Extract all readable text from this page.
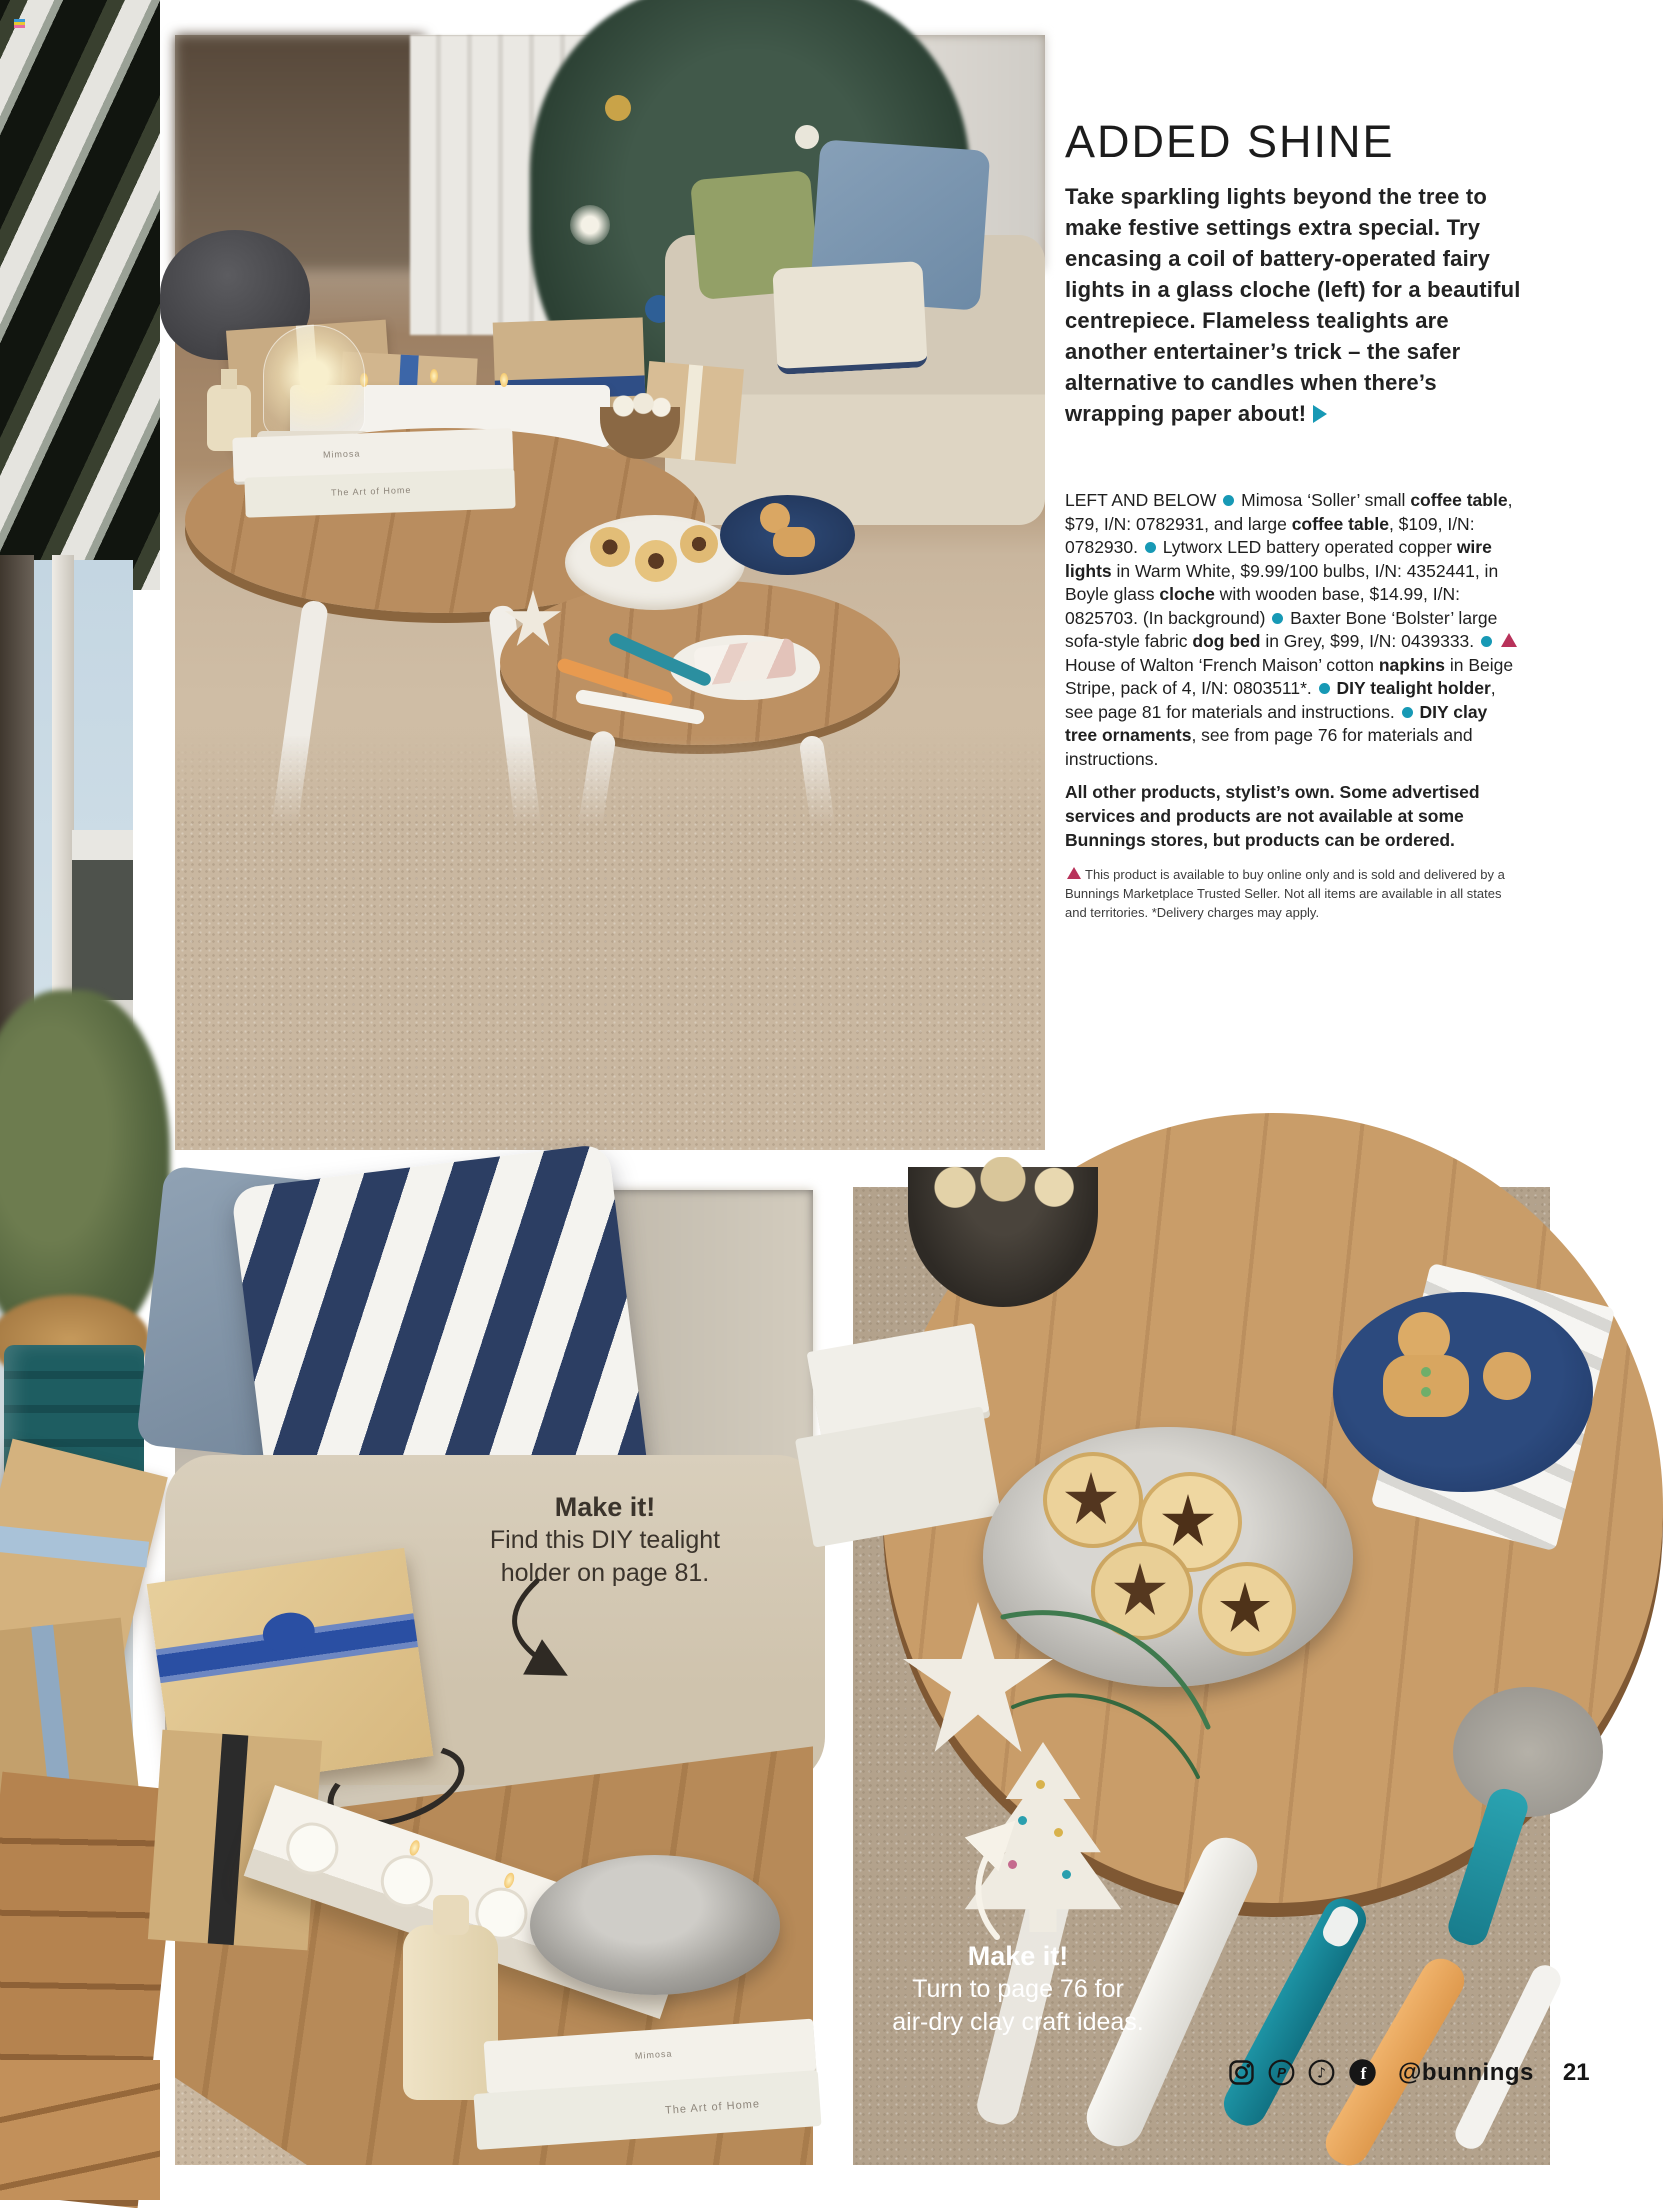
Mimosa
The Art of Home
ADDED SHINE
Take sparkling lights beyond the tree to make festive settings extra special. Try encasing a coil of battery-operated fairy lights in a glass cloche (left) for a beautiful centrepiece. Flameless tealights are another entertainer’s trick – the safer alternative to candles when there’s wrapping paper about!
LEFT AND BELOW  Mimosa ‘Soller’ small coffee table, $79, I/N: 0782931, and large coffee table, $109, I/N: 0782930.  Lytworx LED battery operated copper wire lights in Warm White, $9.99/100 bulbs, I/N: 4352441, in Boyle glass cloche with wooden base, $14.99, I/N: 0825703. (In background)  Baxter Bone ‘Bolster’ large sofa-style fabric dog bed in Grey, $99, I/N: 0439333.   House of Walton ‘French Maison’ cotton napkins in Beige Stripe, pack of 4, I/N: 0803511*.  DIY tealight holder, see page 81 for materials and instructions.  DIY clay tree ornaments, see from page 76 for materials and instructions.
All other products, stylist’s own. Some advertised services and products are not available at some Bunnings stores, but products can be ordered.
This product is available to buy online only and is sold and delivered by a Bunnings Marketplace Trusted Seller. Not all items are available in all states and territories. *Delivery charges may apply.
Mimosa
The Art of Home
Make it!
Find this DIY tealight
holder on page 81.
Make it!
Turn to page 76 for
air-dry clay craft ideas.
P ♪ f @bunnings 21
